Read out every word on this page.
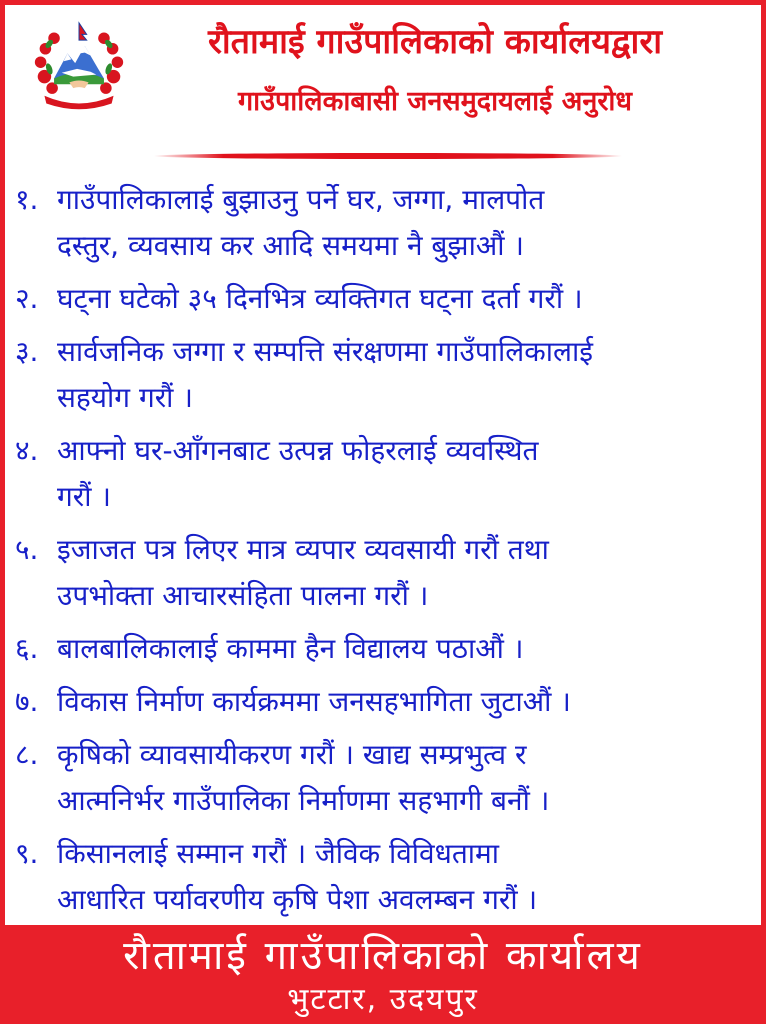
रौतामाई गाउँपालिकाको कार्यालयद्वारा
गाउँपालिकाबासी जनसमुदायलाई अनुरोध
१. गाउँपालिकालाई बुझाउनु पर्ने घर, जग्गा, मालपोत
दस्तुर, व्यवसाय कर आदि समयमा नै बुझाऔं ।
२. घट्ना घटेको ३५ दिनभित्र व्यक्तिगत घट्ना दर्ता गरौं ।
३. सार्वजनिक जग्गा र सम्पत्ति संरक्षणमा गाउँपालिकालाई
सहयोग गरौं ।
४. आफ्नो घर-आँगनबाट उत्पन्न फोहरलाई व्यवस्थित
गरौं ।
५. इजाजत पत्र लिएर मात्र व्यपार व्यवसायी गरौं तथा
उपभोक्ता आचारसंहिता पालना गरौं ।
६. बालबालिकालाई काममा हैन विद्यालय पठाऔं ।
७. विकास निर्माण कार्यक्रममा जनसहभागिता जुटाऔं ।
८. कृषिको व्यावसायीकरण गरौं । खाद्य सम्प्रभुत्व र
आत्मनिर्भर गाउँपालिका निर्माणमा सहभागी बनौं ।
९. किसानलाई सम्मान गरौं । जैविक विविधतामा
आधारित पर्यावरणीय कृषि पेशा अवलम्बन गरौं ।
रौतामाई गाउँपालिकाको कार्यालय
भुटटार, उदयपुर
